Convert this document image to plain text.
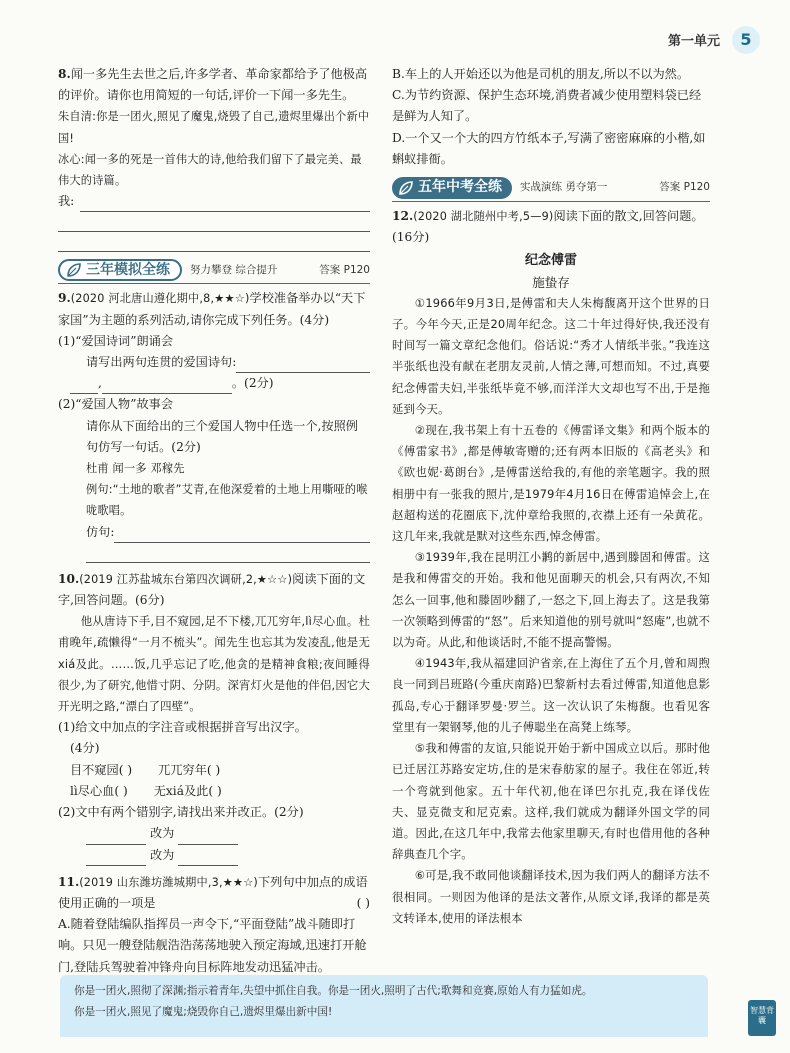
第一单元	5
8.闻一多先生去世之后,许多学者、革命家都给予了他极高的评价。请你也用简短的一句话,评价一下闻一多先生。
朱自清:你是一团火,照见了魔鬼,烧毁了自己,遗烬里爆出个新中国!
冰心:闻一多的死是一首伟大的诗,他给我们留下了最完美、最伟大的诗篇。
我:
三年模拟全练 努力攀登 综合提升	答案 P120
9.(2020 河北唐山遵化期中,8,★★☆)学校准备举办以“天下家国”为主题的系列活动,请你完成下列任务。(4分)
(1)“爱国诗词”朗诵会
请写出两句连贯的爱国诗句:
,	。(2分)
(2)“爱国人物”故事会
请你从下面给出的三个爱国人物中任选一个,按照例句仿写一句话。(2分)
杜甫 闻一多 邓稼先
例句:“土地的歌者”艾青,在他深爱着的土地上用嘶哑的喉咙歌唱。
仿句:
10.(2019 江苏盐城东台第四次调研,2,★☆☆)阅读下面的文字,回答问题。(6分)
他从唐诗下手,目不窥园,足不下楼,兀兀穷年,lì尽心血。杜甫晚年,疏懒得“一月不梳头”。闻先生也忘其为发凌乱,他是无xiá及此。……饭,几乎忘记了吃,他贪的是精神食粮;夜间睡得很少,为了研究,他惜寸阴、分阴。深宵灯火是他的伴侣,因它大开光明之路,“漂白了四壁”。
(1)给文中加点的字注音或根据拼音写出汉字。
(4分)
目不窥园( ) 兀兀穷年( )
lì尽心血( ) 无xiá及此( )
(2)文中有两个错别字,请找出来并改正。(2分)
改为
改为
11.(2019 山东潍坊潍城期中,3,★★☆)下列句中加点的成语使用正确的一项是	( )
A.随着登陆编队指挥员一声令下,“平面登陆”战斗随即打响。只见一艘登陆舰浩浩荡荡地驶入预定海域,迅速打开舱门,登陆兵驾驶着冲锋舟向目标阵地发动迅猛冲击。
B.车上的人开始还以为他是司机的朋友,所以不以为然。
C.为节约资源、保护生态环境,消费者减少使用塑料袋已经是鲜为人知了。
D.一个又一个大的四方竹纸本子,写满了密密麻麻的小楷,如蝌蚁排衙。
五年中考全练 实战演练 勇夺第一	答案 P120
12.(2020 湖北随州中考,5—9)阅读下面的散文,回答问题。(16分)
纪念傅雷
施蛰存
①1966年9月3日,是傅雷和夫人朱梅馥离开这个世界的日子。今年今天,正是20周年纪念。这二十年过得好快,我还没有时间写一篇文章纪念他们。俗话说:“秀才人情纸半张。”我连这半张纸也没有献在老朋友灵前,人情之薄,可想而知。不过,真要纪念傅雷夫妇,半张纸毕竟不够,而洋洋大文却也写不出,于是拖延到今天。
②现在,我书架上有十五卷的《傅雷译文集》和两个版本的《傅雷家书》,都是傅敏寄赠的;还有两本旧版的《高老头》和《欧也妮·葛朗台》,是傅雷送给我的,有他的亲笔题字。我的照相册中有一张我的照片,是1979年4月16日在傅雷追悼会上,在赵超构送的花圈底下,沈仲章给我照的,衣襟上还有一朵黄花。这几年来,我就是默对这些东西,悼念傅雷。
③1939年,我在昆明江小鹣的新居中,遇到滕固和傅雷。这是我和傅雷交的开始。我和他见面聊天的机会,只有两次,不知怎么一回事,他和滕固吵翻了,一怒之下,回上海去了。这是我第一次领略到傅雷的“怒”。后来知道他的别号就叫“怒庵”,也就不以为奇。从此,和他谈话时,不能不提高警惕。
④1943年,我从福建回沪省亲,在上海住了五个月,曾和周煦良一同到吕班路(今重庆南路)巴黎新村去看过傅雷,知道他息影孤岛,专心于翻译罗曼·罗兰。这一次认识了朱梅馥。也看见客堂里有一架钢琴,他的儿子傅聪坐在高凳上练琴。
⑤我和傅雷的友谊,只能说开始于新中国成立以后。那时他已迁居江苏路安定坊,住的是宋春舫家的屋子。我住在邻近,转一个弯就到他家。五十年代初,他在译巴尔扎克,我在译伐佐夫、显克微支和尼克索。这样,我们就成为翻译外国文学的同道。因此,在这几年中,我常去他家里聊天,有时也借用他的各种辞典查几个字。
⑥可是,我不敢同他谈翻译技术,因为我们两人的翻译方法不很相同。一则因为他译的是法文著作,从原文译,我译的都是英文转译本,使用的译法根本
你是一团火,照彻了深渊;指示着青年,失望中抓住自我。你是一团火,照明了古代;歌舞和竞赛,原始人有力猛如虎。
你是一团火,照见了魔鬼;烧毁你自己,遗烬里爆出新中国!	智慧背囊
